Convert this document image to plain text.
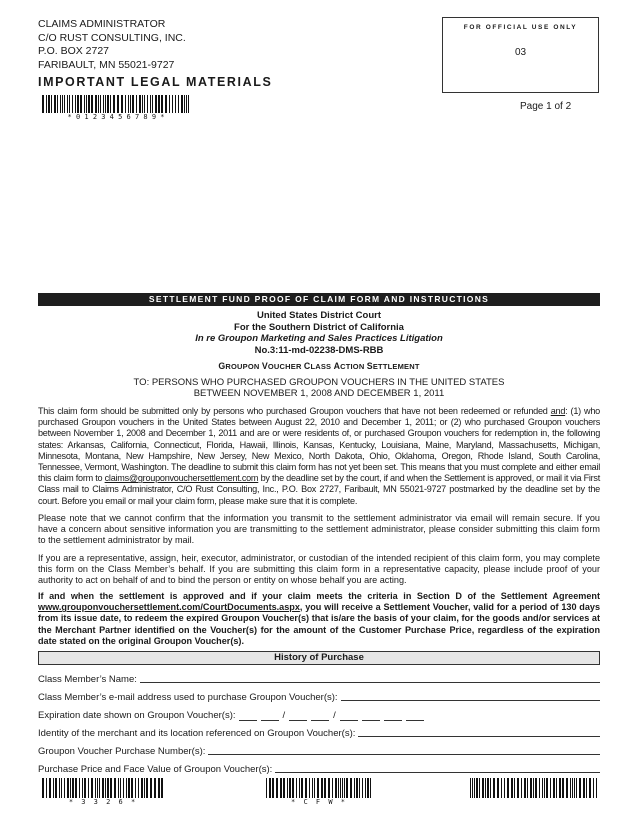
CLAIMS ADMINISTRATOR
C/O RUST CONSULTING, INC.
P.O. BOX 2727
FARIBAULT, MN 55021-9727
IMPORTANT LEGAL MATERIALS
* 0 1 2 3 4 5 6 7 8 9 *
FOR OFFICIAL USE ONLY
03
Page 1 of 2
SETTLEMENT FUND PROOF OF CLAIM FORM AND INSTRUCTIONS
United States District Court
For the Southern District of California
In re Groupon Marketing and Sales Practices Litigation
No.3:11-md-02238-DMS-RBB
GROUPON VOUCHER CLASS ACTION SETTLEMENT
TO: PERSONS WHO PURCHASED GROUPON VOUCHERS IN THE UNITED STATES
BETWEEN NOVEMBER 1, 2008 AND DECEMBER 1, 2011
This claim form should be submitted only by persons who purchased Groupon vouchers that have not been redeemed or refunded and: (1) who purchased Groupon vouchers in the United States between August 22, 2010 and December 1, 2011; or (2) who purchased Groupon vouchers between November 1, 2008 and December 1, 2011 and are or were residents of, or purchased Groupon vouchers for redemption in, the following states: Arkansas, California, Connecticut, Florida, Hawaii, Illinois, Kansas, Kentucky, Louisiana, Maine, Maryland, Massachusetts, Michigan, Minnesota, Montana, New Hampshire, New Jersey, New Mexico, North Dakota, Ohio, Oklahoma, Oregon, Rhode Island, South Carolina, Tennessee, Vermont, Washington. The deadline to submit this claim form has not yet been set. This means that you must complete and either email this claim form to claims@grouponvouchersettlement.com by the deadline set by the court, if and when the Settlement is approved, or mail it via First Class mail to Claims Administrator, C/O Rust Consulting, Inc., P.O. Box 2727, Faribault, MN 55021-9727 postmarked by the deadline set by the court. Before you email or mail your claim form, please make sure that it is complete.
Please note that we cannot confirm that the information you transmit to the settlement administrator via email will remain secure. If you have a concern about sensitive information you are transmitting to the settlement administrator, please consider submitting this claim form to the settlement administrator by mail.
If you are a representative, assign, heir, executor, administrator, or custodian of the intended recipient of this claim form, you may complete this form on the Class Member’s behalf. If you are submitting this claim form in a representative capacity, please include proof of your authority to act on behalf of and to bind the person or entity on whose behalf you are acting.
If and when the settlement is approved and if your claim meets the criteria in Section D of the Settlement Agreement www.grouponvouchersettlement.com/CourtDocuments.aspx, you will receive a Settlement Voucher, valid for a period of 130 days from its issue date, to redeem the expired Groupon Voucher(s) that is/are the basis of your claim, for the goods and/or services at the Merchant Partner identified on the Voucher(s) for the amount of the Customer Purchase Price, regardless of the expiration date stated on the original Groupon Voucher(s).
History of Purchase
Class Member’s Name:
Class Member’s e-mail address used to purchase Groupon Voucher(s):
Expiration date shown on Groupon Voucher(s):	/	/
Identity of the merchant and its location referenced on Groupon Voucher(s):
Groupon Voucher Purchase Number(s):
Purchase Price and Face Value of Groupon Voucher(s):
* 3 3 2 6 *	* C F W *
